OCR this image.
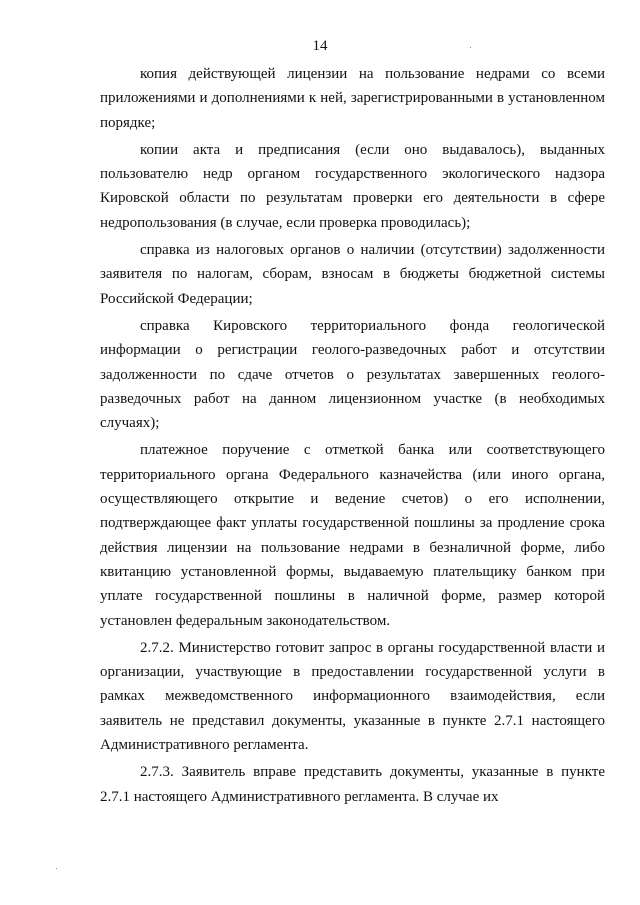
14

копия действующей лицензии на пользование недрами со всеми приложениями и дополнениями к ней, зарегистрированными в установленном порядке;

копии акта и предписания (если оно выдавалось), выданных пользователю недр органом государственного экологического надзора Кировской области по результатам проверки его деятельности в сфере недропользования (в случае, если проверка проводилась);

справка из налоговых органов о наличии (отсутствии) задолженности заявителя по налогам, сборам, взносам в бюджеты бюджетной системы Российской Федерации;

справка Кировского территориального фонда геологической информации о регистрации геолого-разведочных работ и отсутствии задолженности по сдаче отчетов о результатах завершенных геолого-разведочных работ на данном лицензионном участке (в необходимых случаях);

платежное поручение с отметкой банка или соответствующего территориального органа Федерального казначейства (или иного органа, осуществляющего открытие и ведение счетов) о его исполнении, подтверждающее факт уплаты государственной пошлины за продление срока действия лицензии на пользование недрами в безналичной форме, либо квитанцию установленной формы, выдаваемую плательщику банком при уплате государственной пошлины в наличной форме, размер которой установлен федеральным законодательством.

2.7.2. Министерство готовит запрос в органы государственной власти и организации, участвующие в предоставлении государственной услуги в рамках межведомственного информационного взаимодействия, если заявитель не представил документы, указанные в пункте 2.7.1 настоящего Административного регламента.

2.7.3. Заявитель вправе представить документы, указанные в пункте 2.7.1 настоящего Административного регламента. В случае их
